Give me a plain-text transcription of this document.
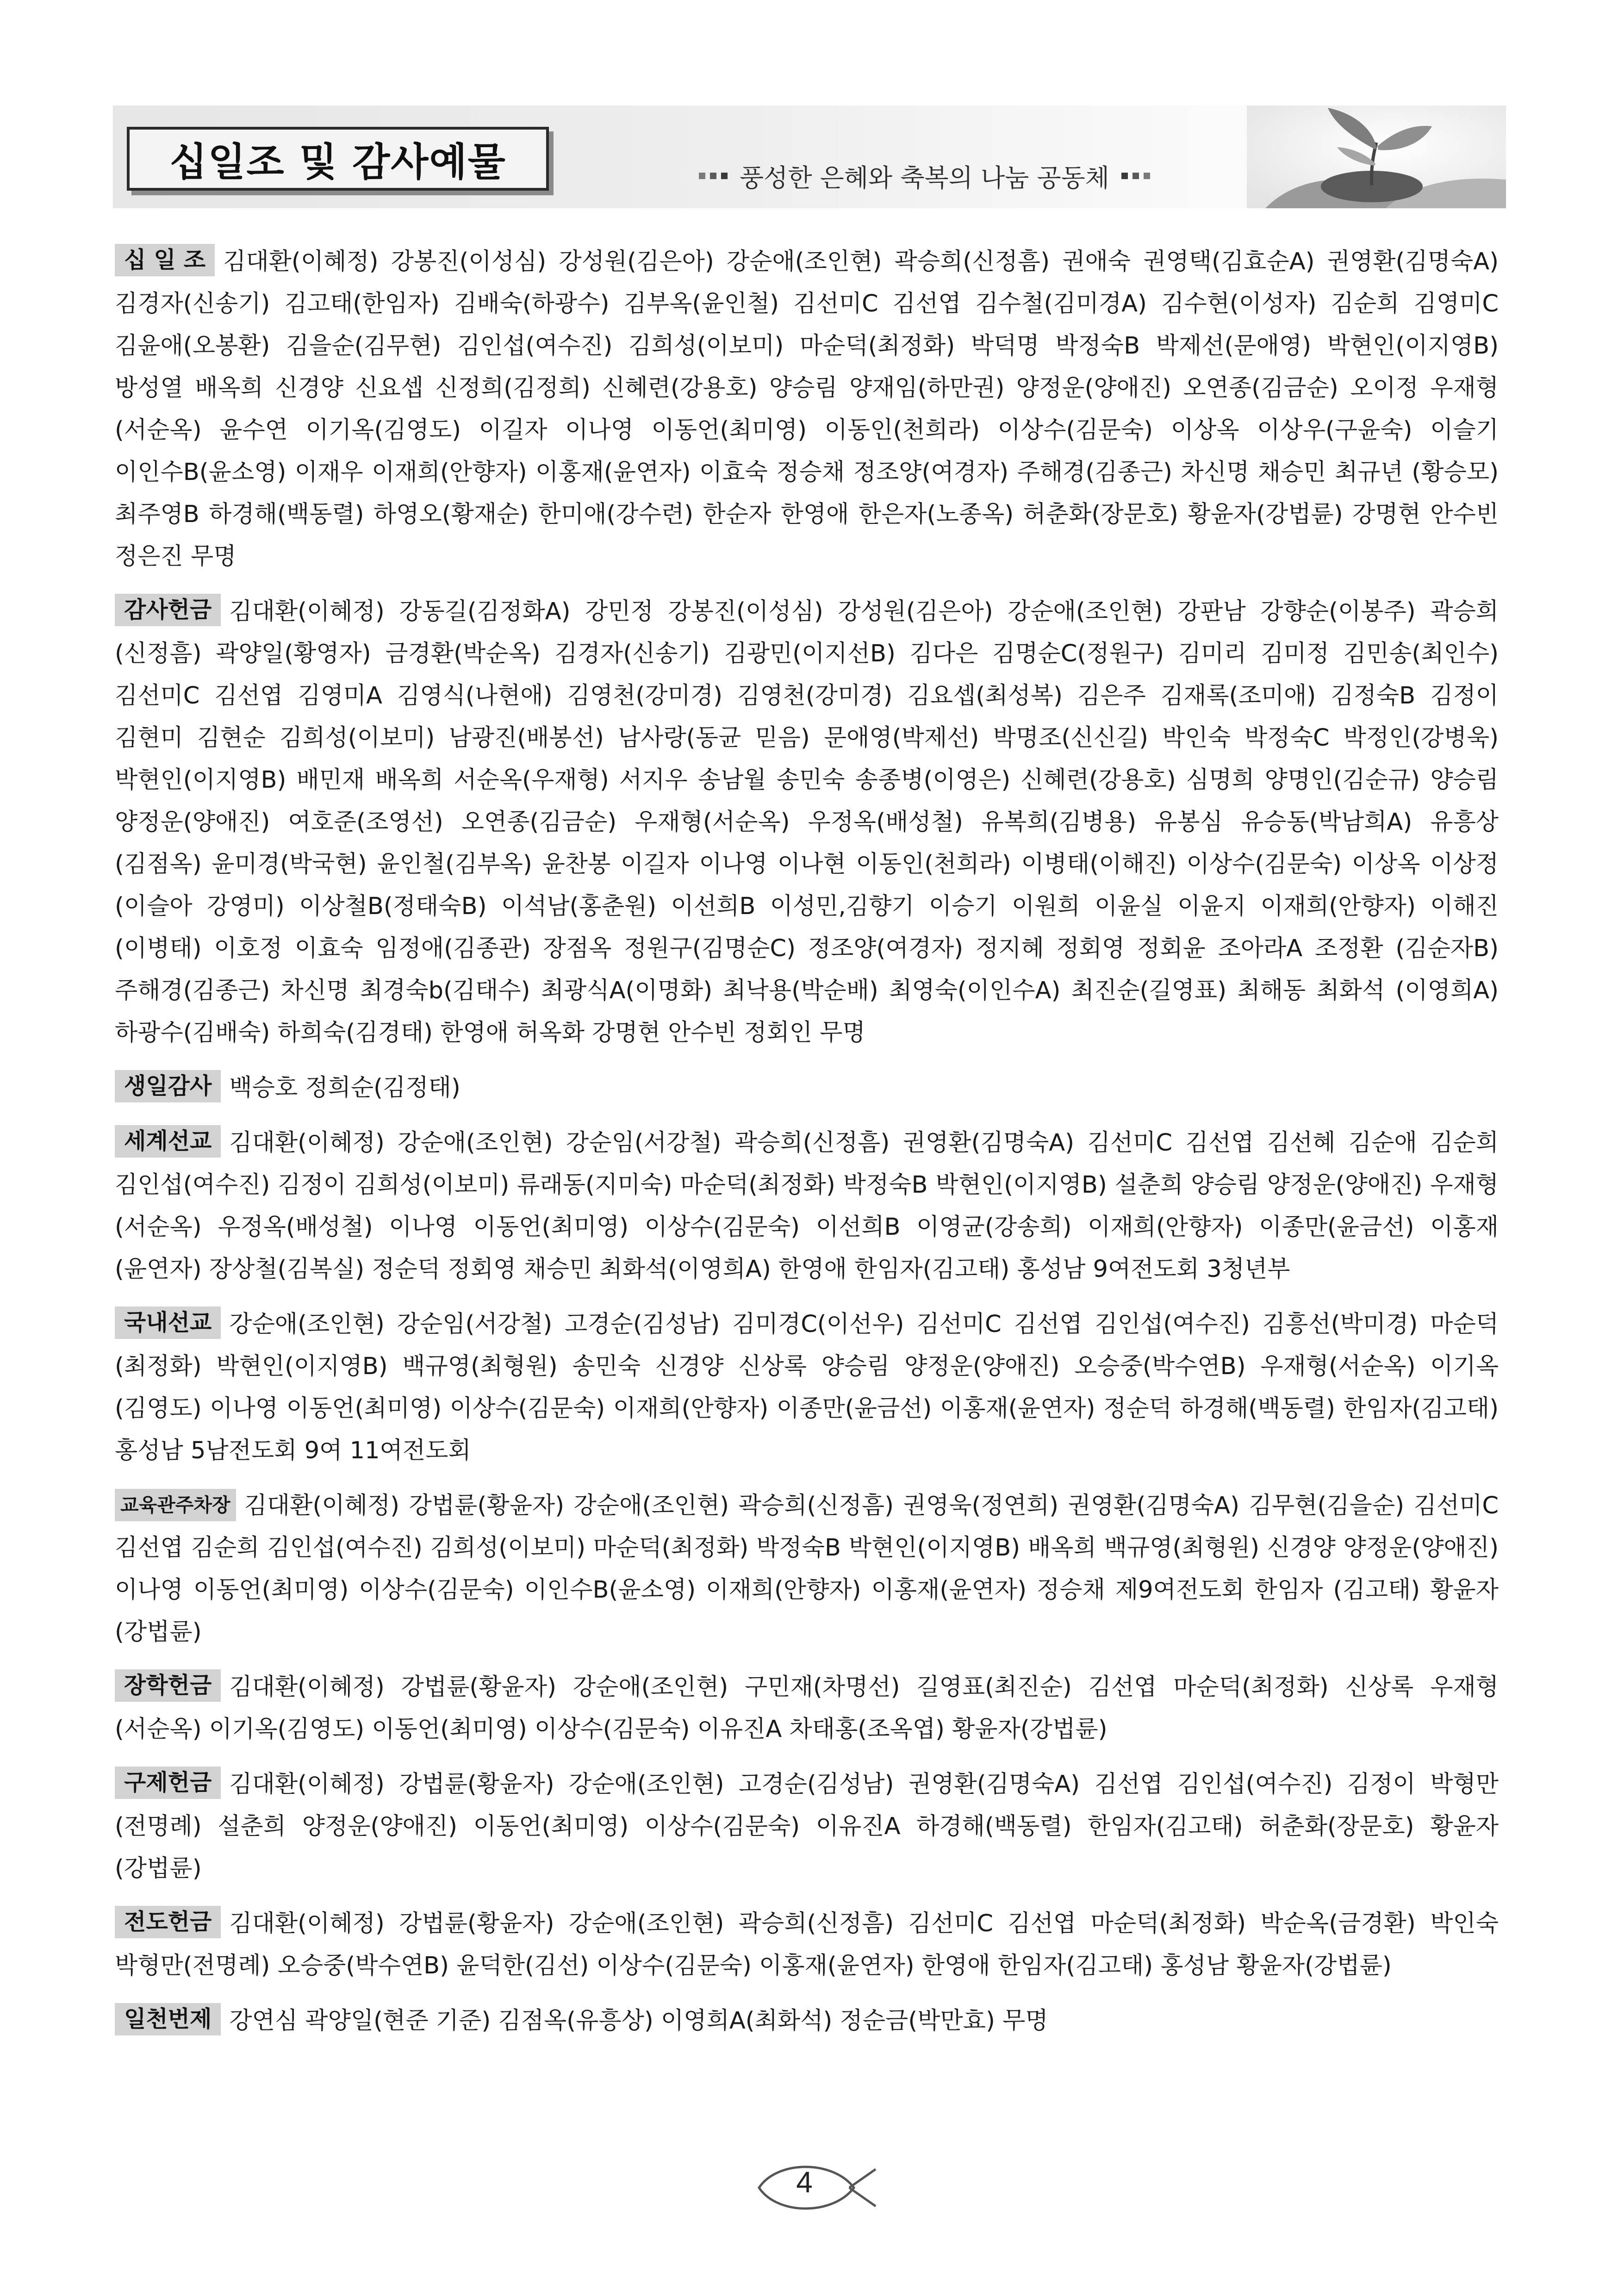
십일조 및 감사예물	풍성한 은혜와 축복의 나눔 공동체
십 일 조 김대환(이혜정) 강봉진(이성심) 강성원(김은아) 강순애(조인현) 곽승희(신정흠) 권애숙 권영택(김효순A) 권영환(김명숙A) 김경자(신송기) 김고태(한임자) 김배숙(하광수) 김부옥(윤인철) 김선미C 김선엽 김수철(김미경A) 김수현(이성자) 김순희 김영미C 김윤애(오봉환) 김을순(김무현) 김인섭(여수진) 김희성(이보미) 마순덕(최정화) 박덕명 박정숙B 박제선(문애영) 박현인(이지영B) 방성열 배옥희 신경양 신요셉 신정희(김정희) 신혜련(강용호) 양승림 양재임(하만권) 양정운(양애진) 오연종(김금순) 오이정 우재형 (서순옥) 윤수연 이기옥(김영도) 이길자 이나영 이동언(최미영) 이동인(천희라) 이상수(김문숙) 이상옥 이상우(구윤숙) 이슬기 이인수B(윤소영) 이재우 이재희(안향자) 이홍재(윤연자) 이효숙 정승채 정조양(여경자) 주해경(김종근) 차신명 채승민 최규년 (황승모) 최주영B 하경해(백동렬) 하영오(황재순) 한미애(강수련) 한순자 한영애 한은자(노종옥) 허춘화(장문호) 황윤자(강법륜) 강명현 안수빈 정은진 무명
감사헌금 김대환(이혜정) 강동길(김정화A) 강민정 강봉진(이성심) 강성원(김은아) 강순애(조인현) 강판남 강향순(이봉주) 곽승희 (신정흠) 곽양일(황영자) 금경환(박순옥) 김경자(신송기) 김광민(이지선B) 김다은 김명순C(정원구) 김미리 김미정 김민송(최인수) 김선미C 김선엽 김영미A 김영식(나현애) 김영천(강미경) 김영천(강미경) 김요셉(최성복) 김은주 김재록(조미애) 김정숙B 김정이 김현미 김현순 김희성(이보미) 남광진(배봉선) 남사랑(동균 믿음) 문애영(박제선) 박명조(신신길) 박인숙 박정숙C 박정인(강병욱) 박현인(이지영B) 배민재 배옥희 서순옥(우재형) 서지우 송남월 송민숙 송종병(이영은) 신혜련(강용호) 심명희 양명인(김순규) 양승림 양정운(양애진) 여호준(조영선) 오연종(김금순) 우재형(서순옥) 우정옥(배성철) 유복희(김병용) 유봉심 유승동(박남희A) 유흥상 (김점옥) 윤미경(박국현) 윤인철(김부옥) 윤찬봉 이길자 이나영 이나현 이동인(천희라) 이병태(이해진) 이상수(김문숙) 이상옥 이상정(이슬아 강영미) 이상철B(정태숙B) 이석남(홍춘원) 이선희B 이성민,김향기 이승기 이원희 이윤실 이윤지 이재희(안향자) 이해진(이병태) 이호정 이효숙 임정애(김종관) 장점옥 정원구(김명순C) 정조양(여경자) 정지혜 정회영 정회윤 조아라A 조정환 (김순자B) 주해경(김종근) 차신명 최경숙b(김태수) 최광식A(이명화) 최낙용(박순배) 최영숙(이인수A) 최진순(길영표) 최해동 최화석 (이영희A) 하광수(김배숙) 하희숙(김경태) 한영애 허옥화 강명현 안수빈 정회인 무명
생일감사 백승호 정희순(김정태)
세계선교 김대환(이혜정) 강순애(조인현) 강순임(서강철) 곽승희(신정흠) 권영환(김명숙A) 김선미C 김선엽 김선혜 김순애 김순희 김인섭(여수진) 김정이 김희성(이보미) 류래동(지미숙) 마순덕(최정화) 박정숙B 박현인(이지영B) 설춘희 양승림 양정운(양애진) 우재형(서순옥) 우정옥(배성철) 이나영 이동언(최미영) 이상수(김문숙) 이선희B 이영균(강송희) 이재희(안향자) 이종만(윤금선) 이홍재(윤연자) 장상철(김복실) 정순덕 정회영 채승민 최화석(이영희A) 한영애 한임자(김고태) 홍성남 9여전도회 3청년부
국내선교 강순애(조인현) 강순임(서강철) 고경순(김성남) 김미경C(이선우) 김선미C 김선엽 김인섭(여수진) 김흥선(박미경) 마순덕(최정화) 박현인(이지영B) 백규영(최형원) 송민숙 신경양 신상록 양승림 양정운(양애진) 오승중(박수연B) 우재형(서순옥) 이기옥(김영도) 이나영 이동언(최미영) 이상수(김문숙) 이재희(안향자) 이종만(윤금선) 이홍재(윤연자) 정순덕 하경해(백동렬) 한임자(김고태) 홍성남 5남전도회 9여 11여전도회
교육관주차장 김대환(이혜정) 강법륜(황윤자) 강순애(조인현) 곽승희(신정흠) 권영욱(정연희) 권영환(김명숙A) 김무현(김을순) 김선미C 김선엽 김순희 김인섭(여수진) 김희성(이보미) 마순덕(최정화) 박정숙B 박현인(이지영B) 배옥희 백규영(최형원) 신경양 양정운(양애진) 이나영 이동언(최미영) 이상수(김문숙) 이인수B(윤소영) 이재희(안향자) 이홍재(윤연자) 정승채 제9여전도회 한임자 (김고태) 황윤자(강법륜)
장학헌금 김대환(이혜정) 강법륜(황윤자) 강순애(조인현) 구민재(차명선) 길영표(최진순) 김선엽 마순덕(최정화) 신상록 우재형 (서순옥) 이기옥(김영도) 이동언(최미영) 이상수(김문숙) 이유진A 차태홍(조옥엽) 황윤자(강법륜)
구제헌금 김대환(이혜정) 강법륜(황윤자) 강순애(조인현) 고경순(김성남) 권영환(김명숙A) 김선엽 김인섭(여수진) 김정이 박형만 (전명례) 설춘희 양정운(양애진) 이동언(최미영) 이상수(김문숙) 이유진A 하경해(백동렬) 한임자(김고태) 허춘화(장문호) 황윤자 (강법륜)
전도헌금 김대환(이혜정) 강법륜(황윤자) 강순애(조인현) 곽승희(신정흠) 김선미C 김선엽 마순덕(최정화) 박순옥(금경환) 박인숙 박형만(전명례) 오승중(박수연B) 윤덕한(김선) 이상수(김문숙) 이홍재(윤연자) 한영애 한임자(김고태) 홍성남 황윤자(강법륜)
일천번제 강연심 곽양일(현준 기준) 김점옥(유흥상) 이영희A(최화석) 정순금(박만효) 무명
4
